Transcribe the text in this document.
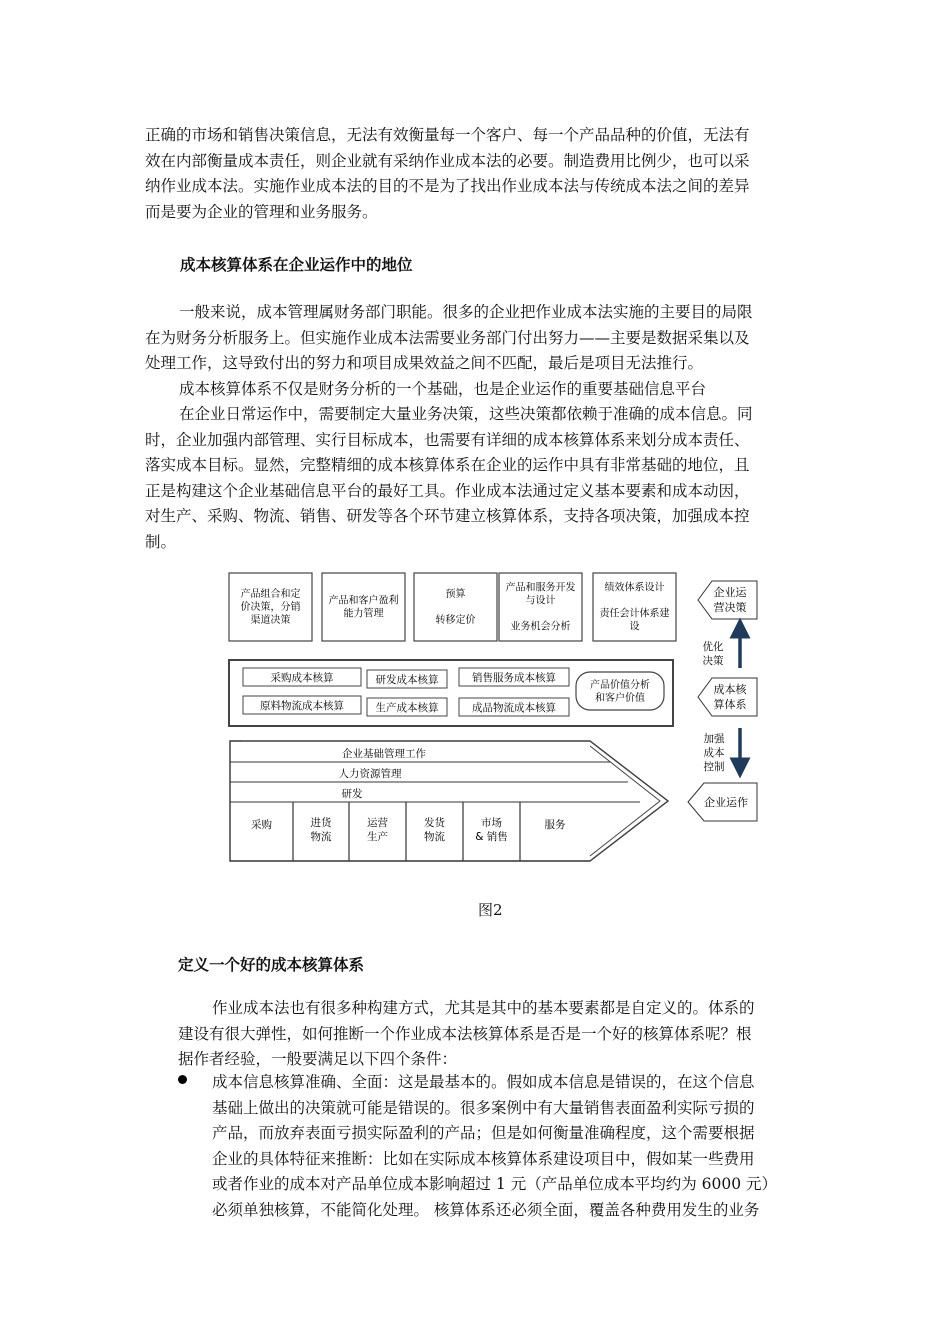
正确的市场和销售决策信息，无法有效衡量每一个客户、每一个产品品种的价值，无法有
效在内部衡量成本责任，则企业就有采纳作业成本法的必要。制造费用比例少，也可以采
纳作业成本法。实施作业成本法的目的不是为了找出作业成本法与传统成本法之间的差异
而是要为企业的管理和业务服务。
成本核算体系在企业运作中的地位
一般来说，成本管理属财务部门职能。很多的企业把作业成本法实施的主要目的局限
在为财务分析服务上。但实施作业成本法需要业务部门付出努力——主要是数据采集以及
处理工作，这导致付出的努力和项目成果效益之间不匹配，最后是项目无法推行。
成本核算体系不仅是财务分析的一个基础，也是企业运作的重要基础信息平台
在企业日常运作中，需要制定大量业务决策，这些决策都依赖于准确的成本信息。同
时，企业加强内部管理、实行目标成本，也需要有详细的成本核算体系来划分成本责任、
落实成本目标。显然，完整精细的成本核算体系在企业的运作中具有非常基础的地位，且
正是构建这个企业基础信息平台的最好工具。作业成本法通过定义基本要素和成本动因，
对生产、采购、物流、销售、研发等各个环节建立核算体系，支持各项决策，加强成本控
制。
产品组合和定
价决策，分销
渠道决策
产品和客户盈利
能力管理
预算
转移定价
产品和服务开发
与设计
业务机会分析
绩效体系设计
责任会计体系建
设
采购成本核算
原料物流成本核算
研发成本核算
生产成本核算
销售服务成本核算
成品物流成本核算
产品价值分析
和客户价值
企业基础管理工作
人力资源管理
研发
采购	进货
物流
运营
生产
发货
物流
市场
& 销售
服务
企业运
营决策
优化
决策
成本核
算体系
加强
成本
控制
企业运作
图2
定义一个好的成本核算体系
作业成本法也有很多种构建方式，尤其是其中的基本要素都是自定义的。体系的
建设有很大弹性，如何推断一个作业成本法核算体系是否是一个好的核算体系呢？根
据作者经验，一般要满足以下四个条件：
成本信息核算准确、全面：这是最基本的。假如成本信息是错误的，在这个信息
基础上做出的决策就可能是错误的。很多案例中有大量销售表面盈利实际亏损的
产品，而放弃表面亏损实际盈利的产品；但是如何衡量准确程度，这个需要根据
企业的具体特征来推断：比如在实际成本核算体系建设项目中，假如某一些费用
或者作业的成本对产品单位成本影响超过 1 元（产品单位成本平均约为 6000 元）
必须单独核算，不能简化处理。 核算体系还必须全面，覆盖各种费用发生的业务
